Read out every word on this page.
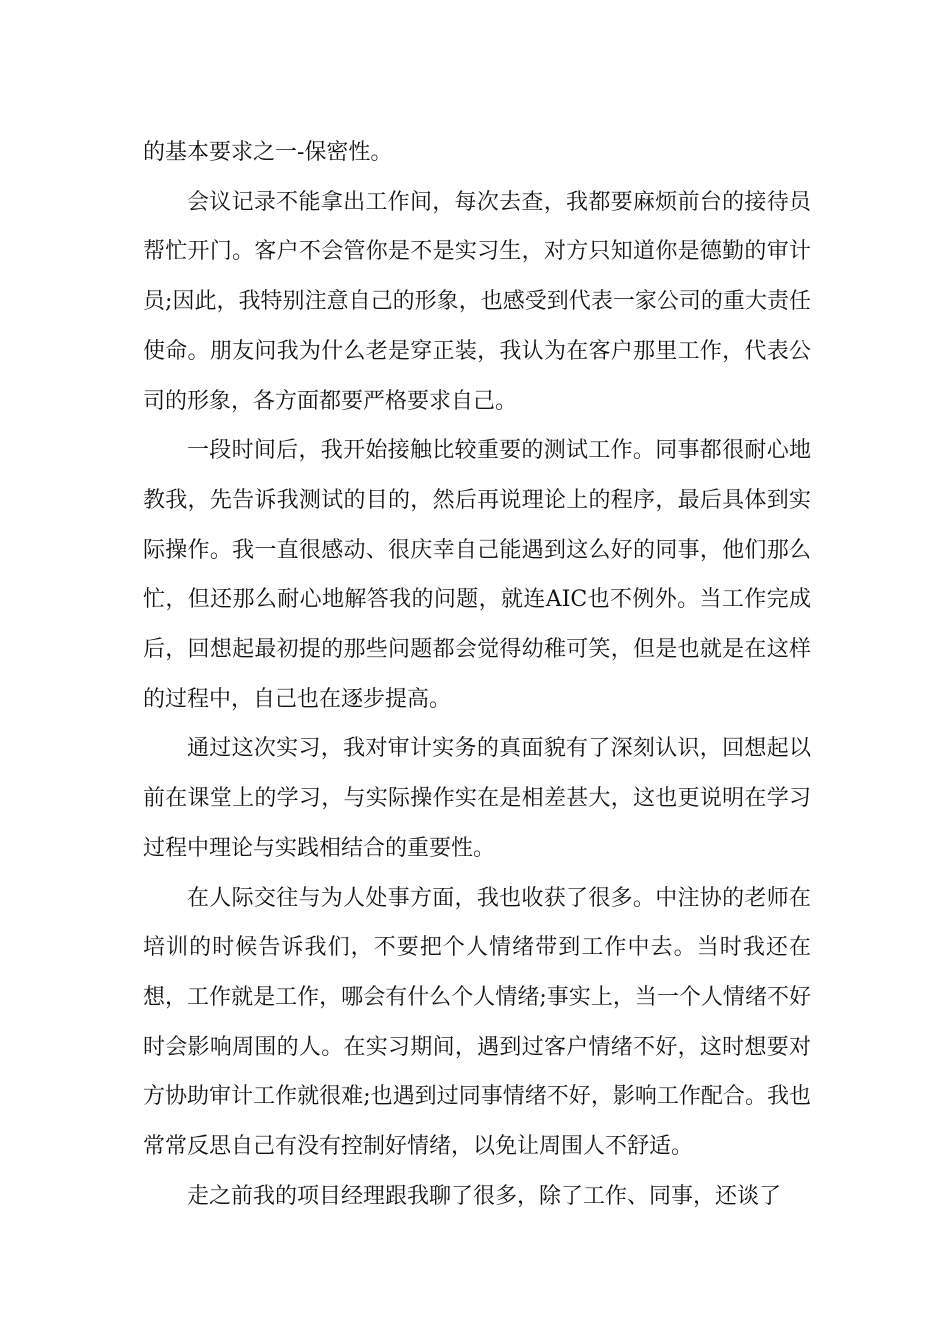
的基本要求之一-保密性。

会议记录不能拿出工作间，每次去查，我都要麻烦前台的接待员帮忙开门。客户不会管你是不是实习生，对方只知道你是德勤的审计员;因此，我特别注意自己的形象，也感受到代表一家公司的重大责任使命。朋友问我为什么老是穿正装，我认为在客户那里工作，代表公司的形象，各方面都要严格要求自己。

一段时间后，我开始接触比较重要的测试工作。同事都很耐心地教我，先告诉我测试的目的，然后再说理论上的程序，最后具体到实际操作。我一直很感动、很庆幸自己能遇到这么好的同事，他们那么忙，但还那么耐心地解答我的问题，就连AIC也不例外。当工作完成后，回想起最初提的那些问题都会觉得幼稚可笑，但是也就是在这样的过程中，自己也在逐步提高。

通过这次实习，我对审计实务的真面貌有了深刻认识，回想起以前在课堂上的学习，与实际操作实在是相差甚大，这也更说明在学习过程中理论与实践相结合的重要性。

在人际交往与为人处事方面，我也收获了很多。中注协的老师在培训的时候告诉我们，不要把个人情绪带到工作中去。当时我还在想，工作就是工作，哪会有什么个人情绪;事实上，当一个人情绪不好时会影响周围的人。在实习期间，遇到过客户情绪不好，这时想要对方协助审计工作就很难;也遇到过同事情绪不好，影响工作配合。我也常常反思自己有没有控制好情绪，以免让周围人不舒适。

走之前我的项目经理跟我聊了很多，除了工作、同事，还谈了
